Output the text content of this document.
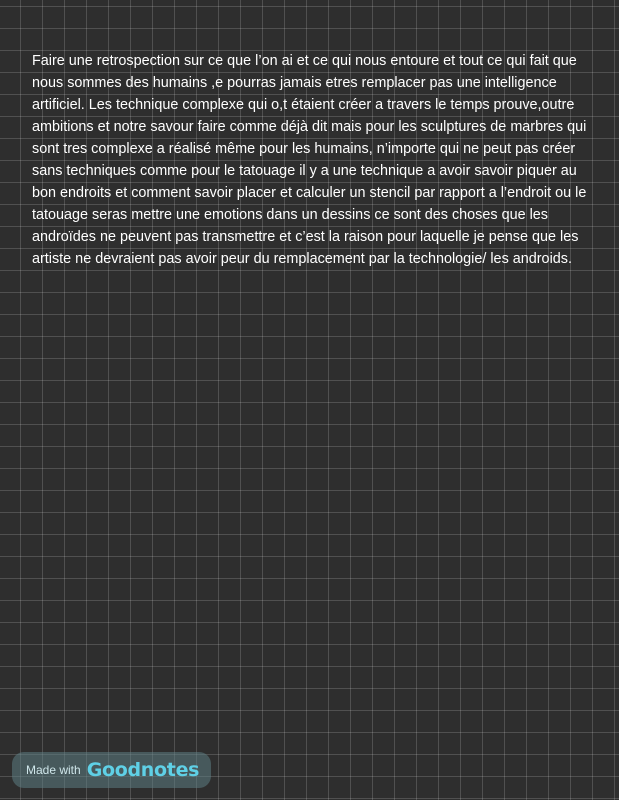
Faire une retrospection sur ce que l’on ai et ce qui nous entoure et tout ce qui fait que nous sommes des humains ,e pourras jamais etres remplacer pas une intelligence artificiel. Les technique complexe qui o,t étaient créer a travers le temps prouve,outre ambitions et notre savour faire comme déjà dit mais pour les sculptures de marbres qui sont tres complexe a réalisé même pour les humains, n’importe qui ne peut pas créer sans techniques comme pour le tatouage il y a une technique a avoir savoir piquer au bon endroits et comment savoir placer et calculer un stencil par rapport a l’endroit ou le tatouage seras mettre une emotions dans un dessins ce sont des choses que les androïdes ne peuvent pas transmettre et c’est la raison pour laquelle je pense que les artiste ne devraient pas avoir peur du remplacement par la technologie/ les androids.

Made with Goodnotes
